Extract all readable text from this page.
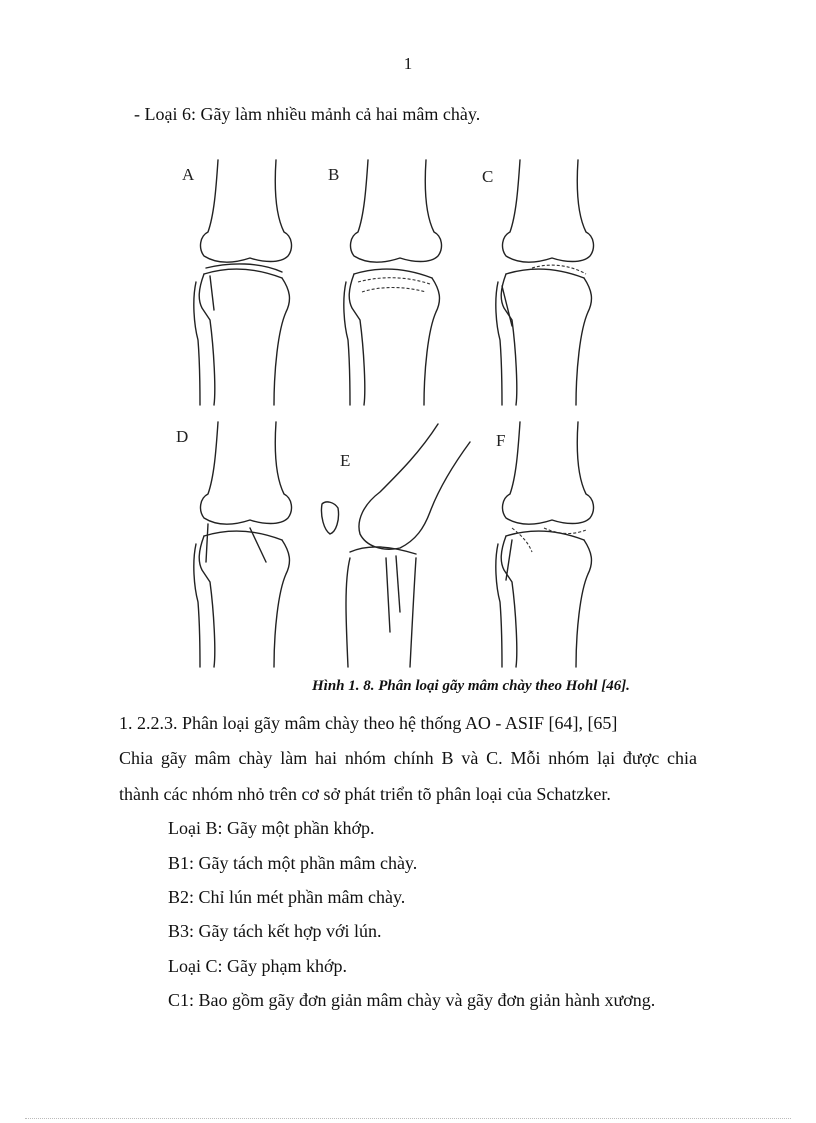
1
- Loại 6: Gãy làm nhiều mảnh cả hai mâm chày.
A	B	C
D
E
F
Hình 1. 8. Phân loại gãy mâm chày theo Hohl [46].
1. 2.2.3. Phân loại gãy mâm chày theo hệ thống AO - ASIF [64], [65]
Chia gãy mâm chày làm hai nhóm chính B và C. Mỗi nhóm lại được chia
thành các nhóm nhỏ trên cơ sở phát triển tõ phân loại của Schatzker.
Loại B: Gãy một phần khớp.
B1: Gãy tách một phần mâm chày.
B2: Chỉ lún mét phần mâm chày.
B3: Gãy tách kết hợp với lún.
Loại C: Gãy phạm khớp.
C1: Bao gồm gãy đơn giản mâm chày và gãy đơn giản hành xương.
